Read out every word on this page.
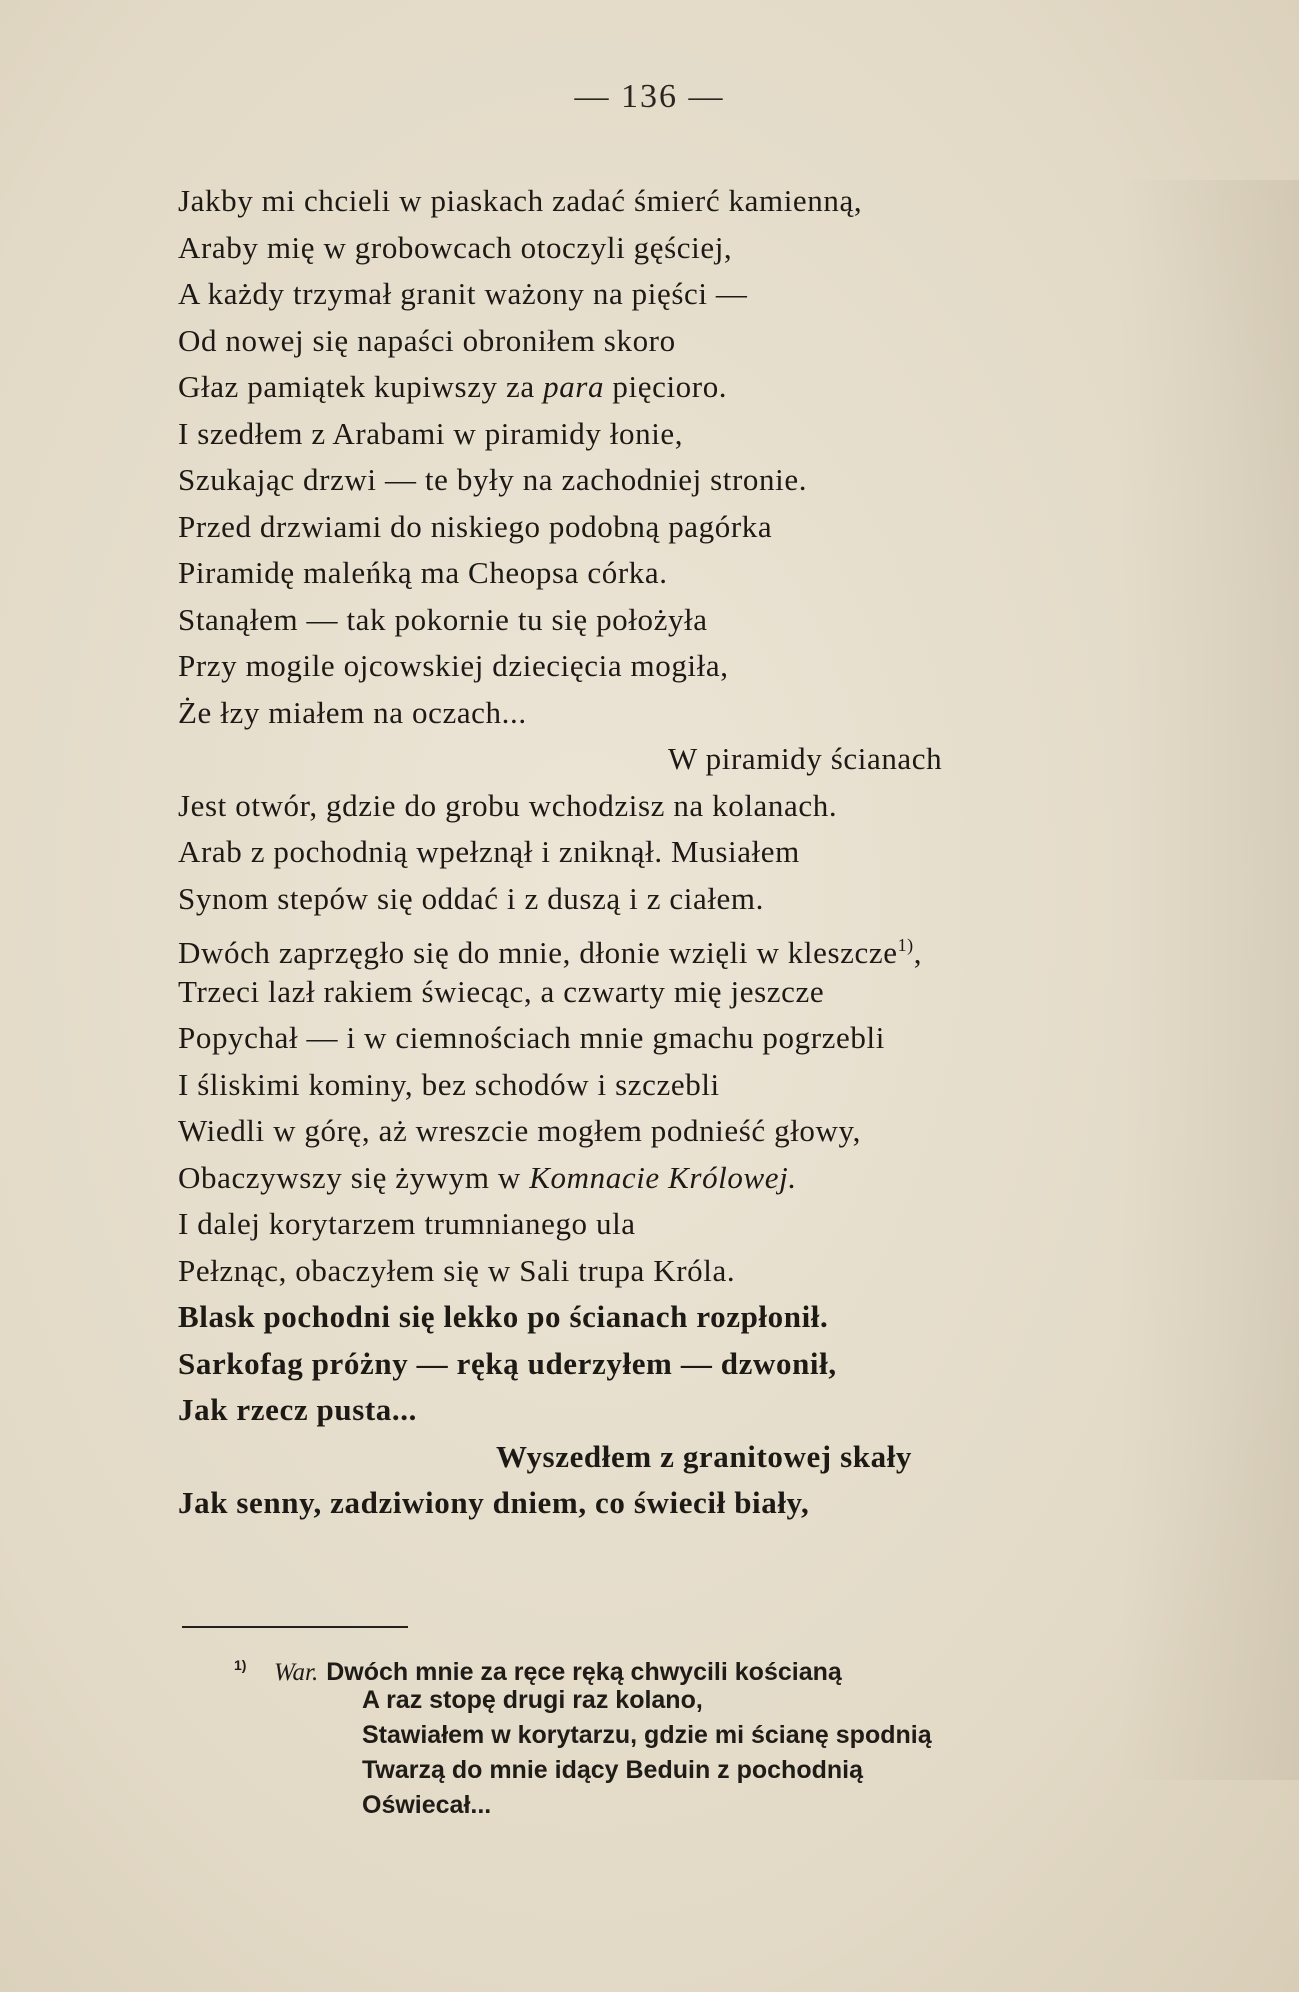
— 136 —
Jakby mi chcieli w piaskach zadać śmierć kamienną,
Araby mię w grobowcach otoczyli gęściej,
A każdy trzymał granit ważony na pięści —
Od nowej się napaści obroniłem skoro
Głaz pamiątek kupiwszy za para pięcioro.
I szedłem z Arabami w piramidy łonie,
Szukając drzwi — te były na zachodniej stronie.
Przed drzwiami do niskiego podobną pagórka
Piramidę maleńką ma Cheopsa córka.
Stanąłem — tak pokornie tu się położyła
Przy mogile ojcowskiej dziecięcia mogiła,
Że łzy miałem na oczach...
W piramidy ścianach
Jest otwór, gdzie do grobu wchodzisz na kolanach.
Arab z pochodnią wpełznął i zniknął. Musiałem
Synom stepów się oddać i z duszą i z ciałem.
Dwóch zaprzęgło się do mnie, dłonie wzięli w kleszcze$^{1)}$,
Trzeci lazł rakiem świecąc, a czwarty mię jeszcze
Popychał — i w ciemnościach mnie gmachu pogrzebli
I śliskimi kominy, bez schodów i szczebli
Wiedli w górę, aż wreszcie mogłem podnieść głowy,
Obaczywszy się żywym w Komnacie Królowej.
I dalej korytarzem trumnianego ula
Pełznąc, obaczyłem się w Sali trupa Króla.
Blask pochodni się lekko po ścianach rozpłonił.
Sarkofag próżny — ręką uderzyłem — dzwonił,
Jak rzecz pusta...
Wyszedłem z granitowej skały
Jak senny, zadziwiony dniem, co świecił biały,
$^{1)}$ War. Dwóch mnie za ręce ręką chwycili kościaną
A raz stopę drugi raz kolano,
Stawiałem w korytarzu, gdzie mi ścianę spodnią
Twarzą do mnie idący Beduin z pochodnią
Oświecał...
